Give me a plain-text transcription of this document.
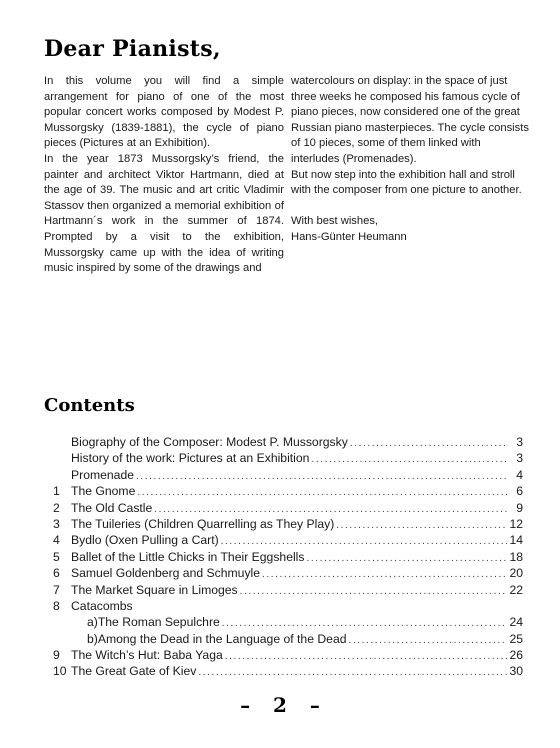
Dear Pianists,

In this volume you will find a simple arrangement for piano of one of the most popular concert works composed by Modest P. Mussorgsky (1839-1881), the cycle of piano pieces (Pictures at an Exhibition).

In the year 1873 Mussorgsky’s friend, the painter and architect Viktor Hartmann, died at the age of 39. The music and art critic Vladimir Stassov then organized a memorial exhibition of Hartmann´s work in the summer of 1874. Prompted by a visit to the exhibition, Mussorgsky came up with the idea of writing music inspired by some of the drawings and

watercolours on display: in the space of just three weeks he composed his famous cycle of piano pieces, now considered one of the great Russian piano masterpieces. The cycle consists of 10 pieces, some of them linked with interludes (Promenades).

But now step into the exhibition hall and stroll with the composer from one picture to another.

With best wishes,

Hans-Günter Heumann

Contents
Biography of the Composer: Modest P. Mussorgsky .....	3
History of the work: Pictures at an Exhibition .....	3
Promenade .....	4
1 The Gnome .....	6
2 The Old Castle .....	9
3 The Tuileries (Children Quarrelling as They Play) .....	12
4 Bydlo (Oxen Pulling a Cart) .....	14
5 Ballet of the Little Chicks in Their Eggshells .....	18
6 Samuel Goldenberg and Schmuyle .....	20
7 The Market Square in Limoges .....	22
8 Catacombs
a)The Roman Sepulchre .....	24
b)Among the Dead in the Language of the Dead .....	25
9 The Witch’s Hut: Baba Yaga .....	26
10 The Great Gate of Kiev .....	30
– 2 –
